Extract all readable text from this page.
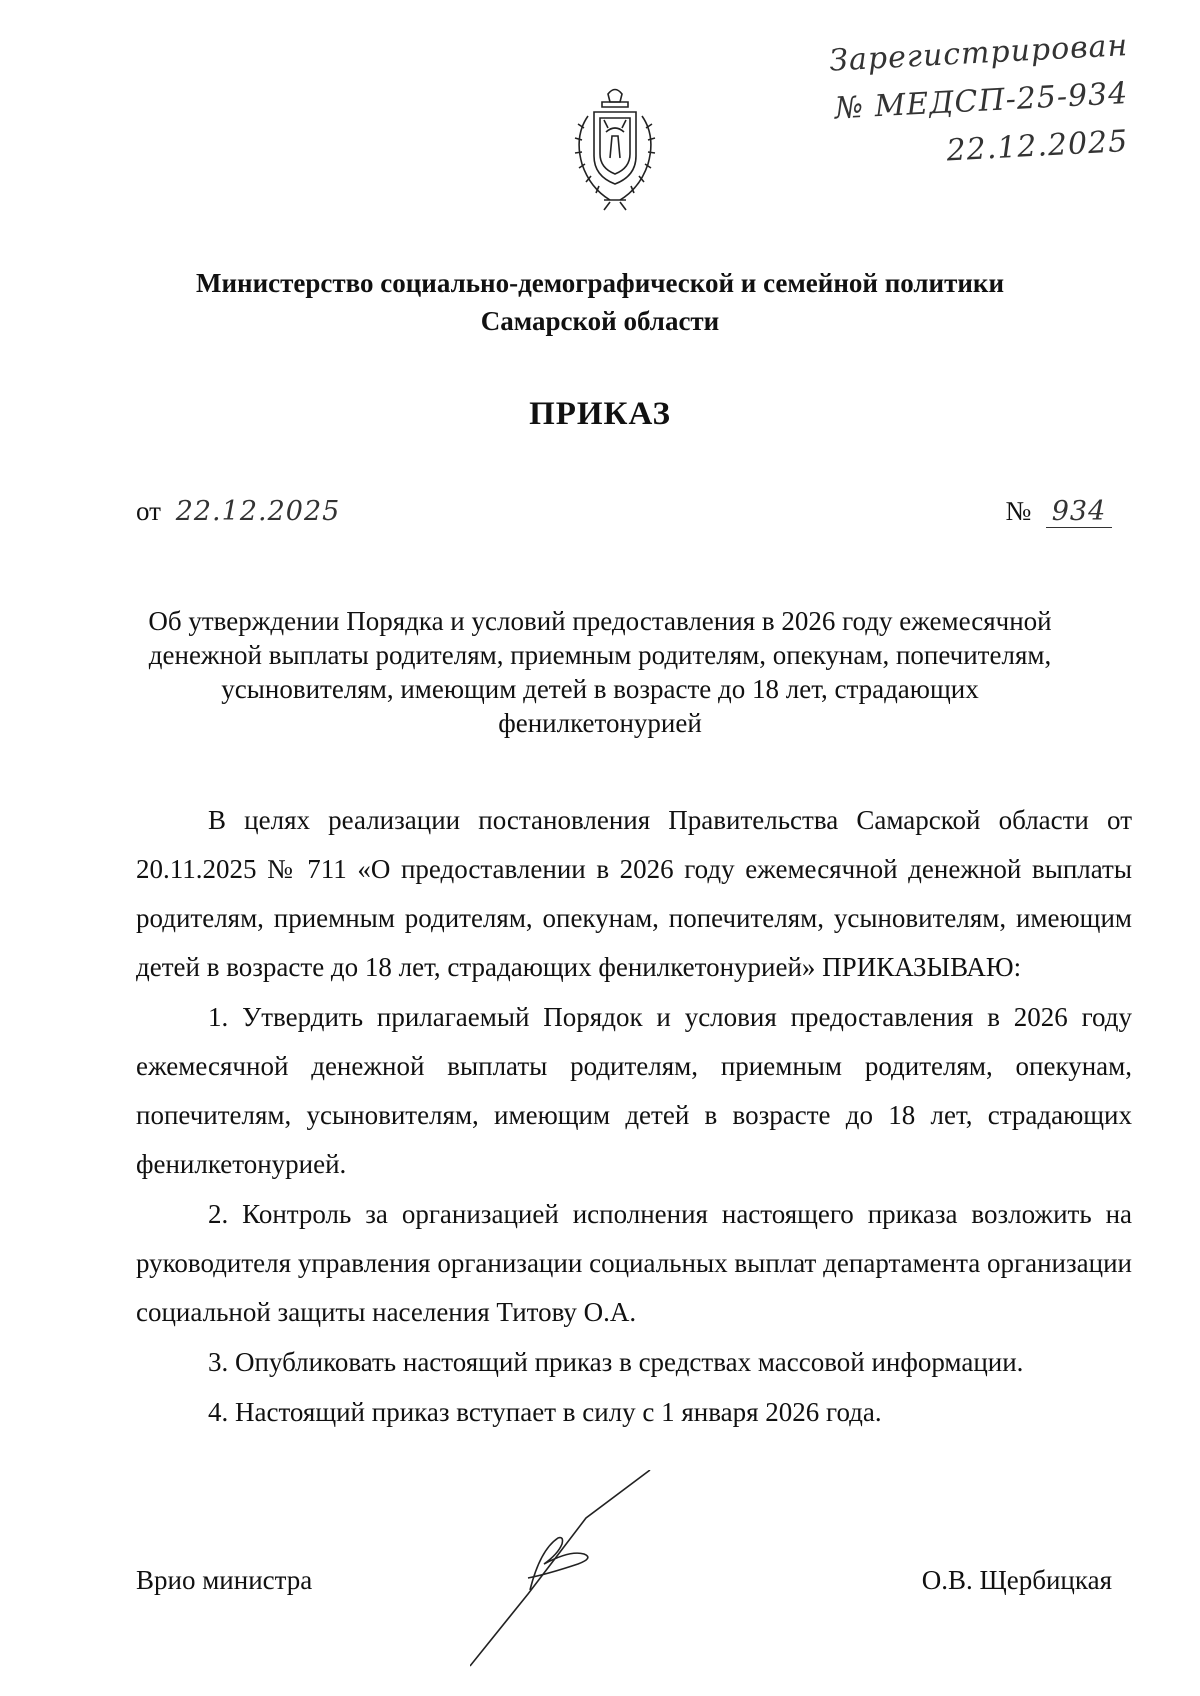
Зарегистрирован
№ МЕДСП-25-934
22.12.2025
Министерство социально-демографической и семейной политики
Самарской области
ПРИКАЗ
от 22.12.2025	№ 934
Об утверждении Порядка и условий предоставления в 2026 году ежемесячной
денежной выплаты родителям, приемным родителям, опекунам, попечителям,
усыновителям, имеющим детей в возрасте до 18 лет, страдающих
фенилкетонурией

В целях реализации постановления Правительства Самарской области от 20.11.2025 № 711 «О предоставлении в 2026 году ежемесячной денежной выплаты родителям, приемным родителям, опекунам, попечителям, усыновителям, имеющим детей в возрасте до 18 лет, страдающих фенилкетонурией» ПРИКАЗЫВАЮ:

1. Утвердить прилагаемый Порядок и условия предоставления в 2026 году ежемесячной денежной выплаты родителям, приемным родителям, опекунам, попечителям, усыновителям, имеющим детей в возрасте до 18 лет, страдающих фенилкетонурией.

2. Контроль за организацией исполнения настоящего приказа возложить на руководителя управления организации социальных выплат департамента организации социальной защиты населения Титову О.А.

3. Опубликовать настоящий приказ в средствах массовой информации.

4. Настоящий приказ вступает в силу с 1 января 2026 года.

Врио министра	О.В. Щербицкая
